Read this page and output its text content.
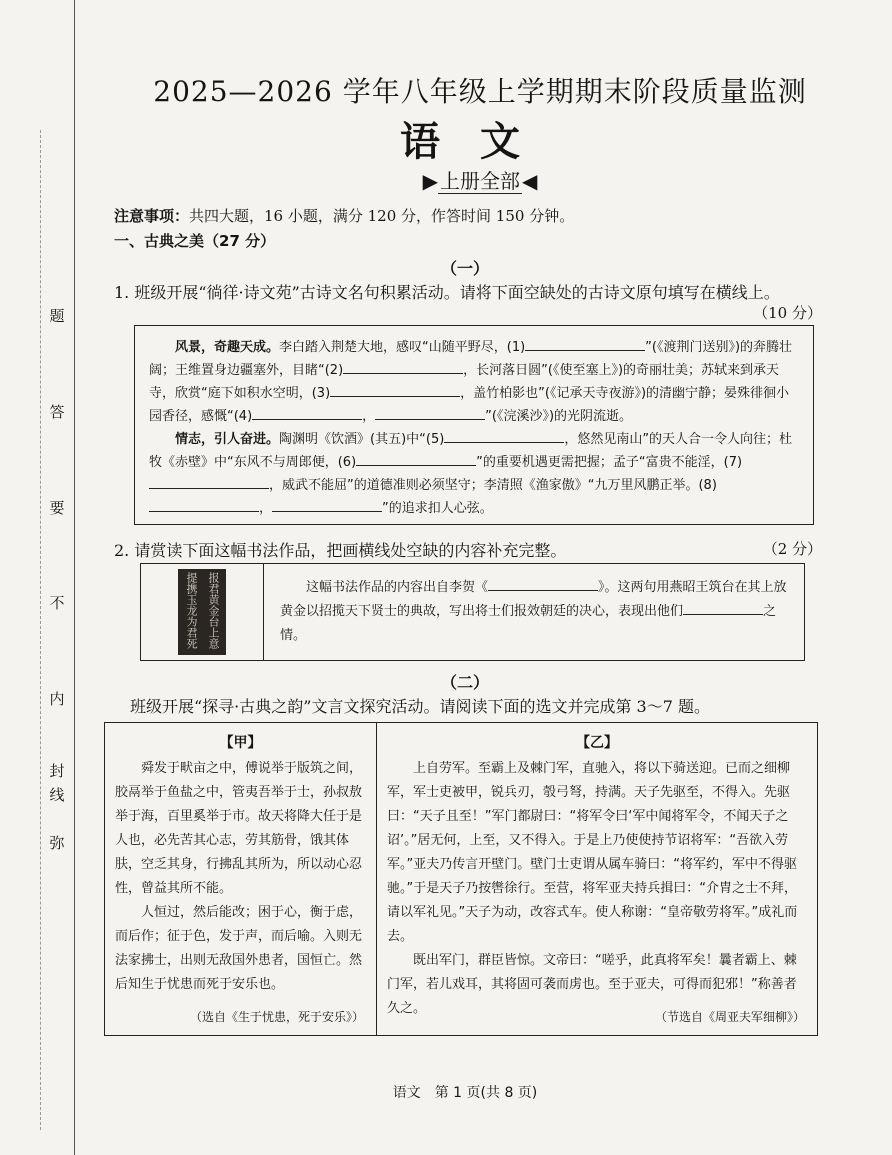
题
答
要
不
内
线
封
弥
2025—2026 学年八年级上学期期末阶段质量监测
语文
▶ 上册全部 ◀
注意事项：共四大题，16 小题，满分 120 分，作答时间 150 分钟。
一、古典之美（27 分）
（一）
1. 班级开展“徜徉·诗文苑”古诗文名句积累活动。请将下面空缺处的古诗文原句填写在横线上。
（10 分）

风景，奇趣天成。李白踏入荆楚大地，感叹“山随平野尽，(1)	”(《渡荆门送别》)的奔腾壮阔；王维置身边疆塞外，目睹“(2)	，长河落日圆”(《使至塞上》)的奇丽壮美；苏轼来到承天寺，欣赏“庭下如积水空明，(3)	，盖竹柏影也”(《记承天寺夜游》)的清幽宁静；晏殊徘徊小园香径，感慨“(4)	，	”(《浣溪沙》)的光阴流逝。

情志，引人奋进。陶渊明《饮酒》(其五)中“(5)	，悠然见南山”的天人合一令人向往；杜牧《赤壁》中“东风不与周郎便，(6)	”的重要机遇更需把握；孟子“富贵不能淫，(7)，威武不能屈”的道德准则必须坚守；李清照《渔家傲》“九万里风鹏正举。(8)，	”的追求扣人心弦。

2. 请赏读下面这幅书法作品，把画横线处空缺的内容补充完整。	（2 分）
报君黄金台上意
提携玉龙为君死	这幅书法作品的内容出自李贺《	》。这两句用燕昭王筑台在其上放黄金以招揽天下贤士的典故，写出将士们报效朝廷的决心，表现出他们	之情。

（二）
班级开展“探寻·古典之韵”文言文探究活动。请阅读下面的选文并完成第 3～7 题。
【甲】

舜发于畎亩之中，傅说举于版筑之间，胶鬲举于鱼盐之中，管夷吾举于士，孙叔敖举于海，百里奚举于市。故天将降大任于是人也，必先苦其心志，劳其筋骨，饿其体肤，空乏其身，行拂乱其所为，所以动心忍性，曾益其所不能。

人恒过，然后能改；困于心，衡于虑，而后作；征于色，发于声，而后喻。入则无法家拂士，出则无敌国外患者，国恒亡。然后知生于忧患而死于安乐也。

（选自《生于忧患，死于安乐》）
【乙】

上自劳军。至霸上及棘门军，直驰入，将以下骑送迎。已而之细柳军，军士吏被甲，锐兵刃，彀弓弩，持满。天子先驱至，不得入。先驱曰：“天子且至！”军门都尉曰：“将军令曰‘军中闻将军令，不闻天子之诏’。”居无何，上至，又不得入。于是上乃使使持节诏将军：“吾欲入劳军。”亚夫乃传言开壁门。壁门士吏谓从属车骑曰：“将军约，军中不得驱驰。”于是天子乃按辔徐行。至营，将军亚夫持兵揖曰：“介胄之士不拜，请以军礼见。”天子为动，改容式车。使人称谢：“皇帝敬劳将军。”成礼而去。

既出军门，群臣皆惊。文帝曰：“嗟乎，此真将军矣！曩者霸上、棘门军，若儿戏耳，其将固可袭而虏也。至于亚夫，可得而犯邪！”称善者久之。

（节选自《周亚夫军细柳》）
语文　第 1 页(共 8 页)
